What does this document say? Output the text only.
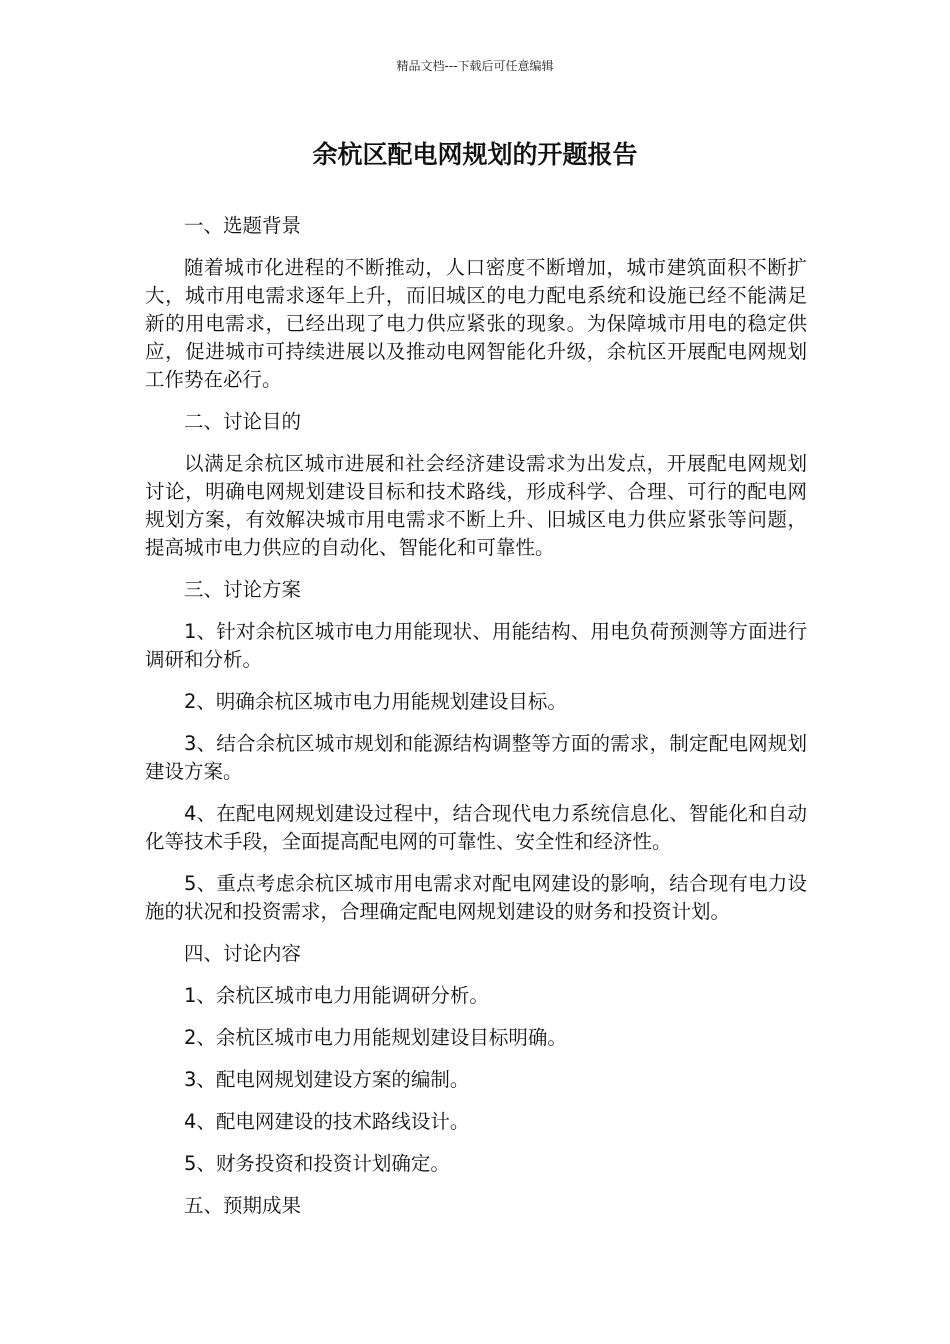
精品文档---下载后可任意编辑
余杭区配电网规划的开题报告

一、选题背景

随着城市化进程的不断推动，人口密度不断增加，城市建筑面积不断扩大，城市用电需求逐年上升，而旧城区的电力配电系统和设施已经不能满足新的用电需求，已经出现了电力供应紧张的现象。为保障城市用电的稳定供应，促进城市可持续进展以及推动电网智能化升级，余杭区开展配电网规划工作势在必行。

二、讨论目的

以满足余杭区城市进展和社会经济建设需求为出发点，开展配电网规划讨论，明确电网规划建设目标和技术路线，形成科学、合理、可行的配电网规划方案，有效解决城市用电需求不断上升、旧城区电力供应紧张等问题，提高城市电力供应的自动化、智能化和可靠性。

三、讨论方案

1、针对余杭区城市电力用能现状、用能结构、用电负荷预测等方面进行调研和分析。

2、明确余杭区城市电力用能规划建设目标。

3、结合余杭区城市规划和能源结构调整等方面的需求，制定配电网规划建设方案。

4、在配电网规划建设过程中，结合现代电力系统信息化、智能化和自动化等技术手段，全面提高配电网的可靠性、安全性和经济性。

5、重点考虑余杭区城市用电需求对配电网建设的影响，结合现有电力设施的状况和投资需求，合理确定配电网规划建设的财务和投资计划。

四、讨论内容

1、余杭区城市电力用能调研分析。

2、余杭区城市电力用能规划建设目标明确。

3、配电网规划建设方案的编制。

4、配电网建设的技术路线设计。

5、财务投资和投资计划确定。

五、预期成果
